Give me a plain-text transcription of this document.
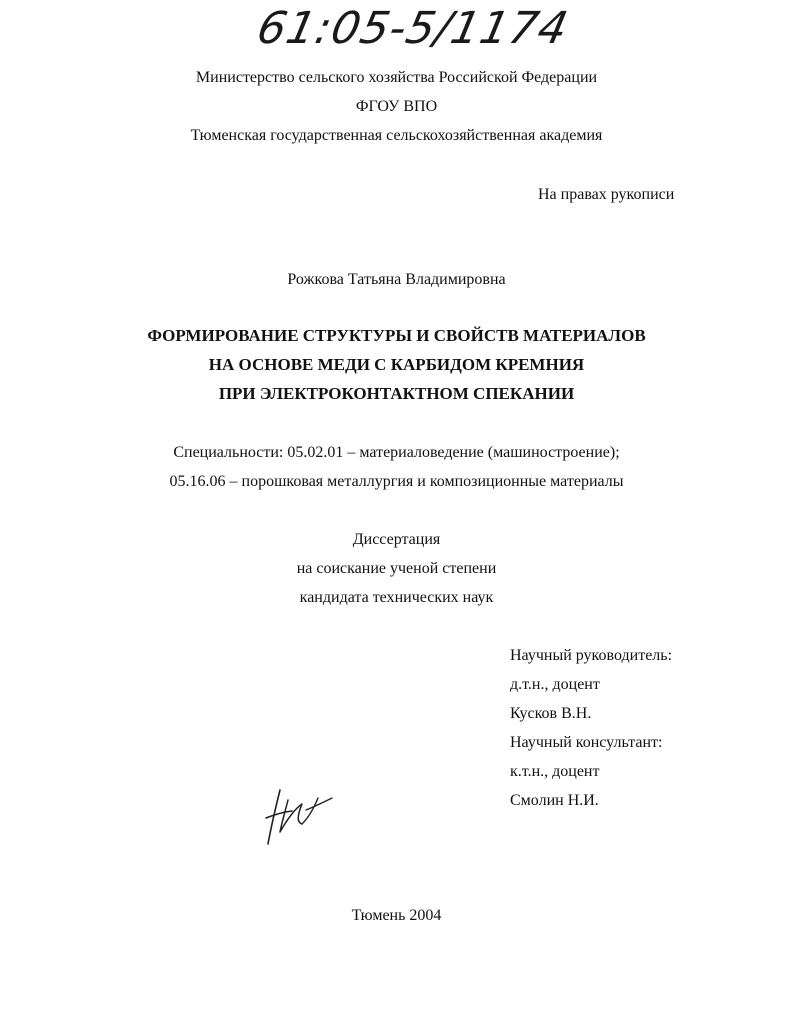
61:05-5/1174
Министерство сельского хозяйства Российской Федерации
ФГОУ ВПО
Тюменская государственная сельскохозяйственная академия
На правах рукописи
Рожкова Татьяна Владимировна
ФОРМИРОВАНИЕ СТРУКТУРЫ И СВОЙСТВ МАТЕРИАЛОВ
НА ОСНОВЕ МЕДИ С КАРБИДОМ КРЕМНИЯ
ПРИ ЭЛЕКТРОКОНТАКТНОМ СПЕКАНИИ
Специальности: 05.02.01 – материаловедение (машиностроение);
05.16.06 – порошковая металлургия и композиционные материалы
Диссертация
на соискание ученой степени
кандидата технических наук
Научный руководитель:
д.т.н., доцент
Кусков В.Н.
Научный консультант:
к.т.н., доцент
Смолин Н.И.
Тюмень 2004
